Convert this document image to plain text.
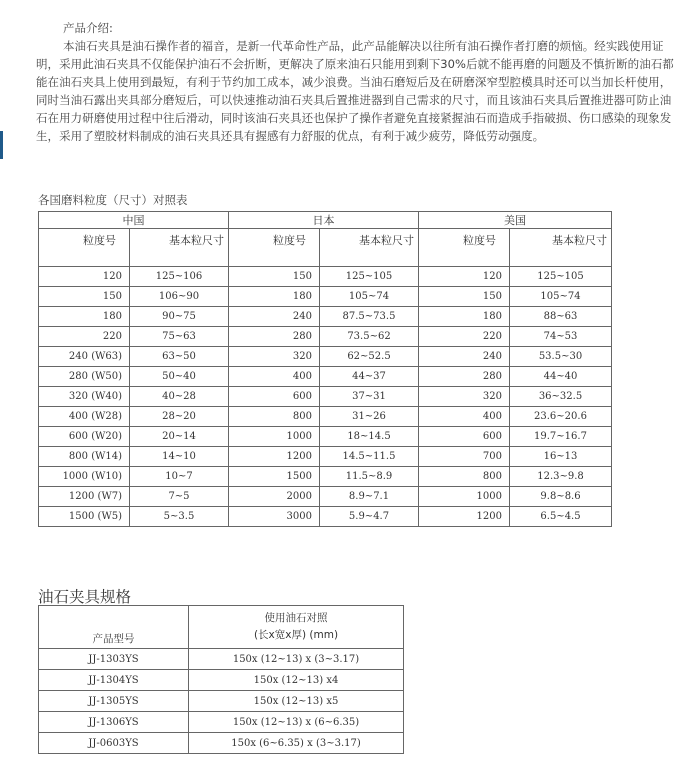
产品介绍:

本油石夹具是油石操作者的福音，是新一代革命性产品，此产品能解决以往所有油石操作者打磨的烦恼。经实践使用证明，采用此油石夹具不仅能保护油石不会折断，更解决了原来油石只能用到剩下30%后就不能再磨的问题及不慎折断的油石都能在油石夹具上使用到最短，有利于节约加工成本，减少浪费。当油石磨短后及在研磨深窄型腔模具时还可以当加长杆使用，同时当油石露出夹具部分磨短后，可以快速推动油石夹具后置推进器到自己需求的尺寸，而且该油石夹具后置推进器可防止油石在用力研磨使用过程中往后滑动，同时该油石夹具还也保护了操作者避免直接紧握油石而造成手指破损、伤口感染的现象发生，采用了塑胶材料制成的油石夹具还具有握感有力舒服的优点，有利于减少疲劳，降低劳动强度。

各国磨料粒度（尺寸）对照表
中国		日本		美国	
粒度号	基本粒尺寸	粒度号	基本粒尺寸	粒度号	基本粒尺寸
120	125~106	150	125~105	120	125~105
150	106~90	180	105~74	150	105~74
180	90~75	240	87.5~73.5	180	88~63
220	75~63	280	73.5~62	220	74~53
240 (W63)	63~50	320	62~52.5	240	53.5~30
280 (W50)	50~40	400	44~37	280	44~40
320 (W40)	40~28	600	37~31	320	36~32.5
400 (W28)	28~20	800	31~26	400	23.6~20.6
600 (W20)	20~14	1000	18~14.5	600	19.7~16.7
800 (W14)	14~10	1200	14.5~11.5	700	16~13
1000 (W10)	10~7	1500	11.5~8.9	800	12.3~9.8
1200 (W7)	7~5	2000	8.9~7.1	1000	9.8~8.6
1500 (W5)	5~3.5	3000	5.9~4.7	1200	6.5~4.5
油石夹具规格
产品型号	使用油石对照
(长x宽x厚) (mm)

JJ-1303YS	150x (12~13) x (3~3.17)
JJ-1304YS	150x (12~13) x4
JJ-1305YS	150x (12~13) x5
JJ-1306YS	150x (12~13) x (6~6.35)
JJ-0603YS	150x (6~6.35) x (3~3.17)
